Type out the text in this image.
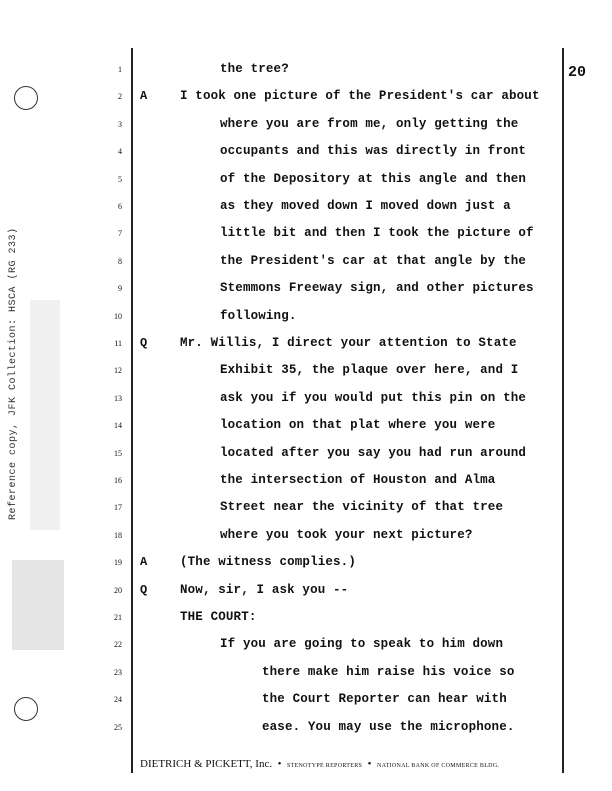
Reference copy, JFK Collection: HSCA (RG 233)
20
1	the tree?
2 A	I took one picture of the President's car about
3	where you are from me, only getting the
4	occupants and this was directly in front
5	of the Depository at this angle and then
6	as they moved down I moved down just a
7	little bit and then I took the picture of
8	the President's car at that angle by the
9	Stemmons Freeway sign, and other pictures
10	following.
11 Q	Mr. Willis, I direct your attention to State
12	Exhibit 35, the plaque over here, and I
13	ask you if you would put this pin on the
14	location on that plat where you were
15	located after you say you had run around
16	the intersection of Houston and Alma
17	Street near the vicinity of that tree
18	where you took your next picture?
19 A	(The witness complies.)
20 Q	Now, sir, I ask you --
21	THE COURT:
22	If you are going to speak to him down
23	there make him raise his voice so
24	the Court Reporter can hear with
25	ease. You may use the microphone.
DIETRICH & PICKETT, Inc. • STENOTYPE REPORTERS • NATIONAL BANK OF COMMERCE BLDG.
